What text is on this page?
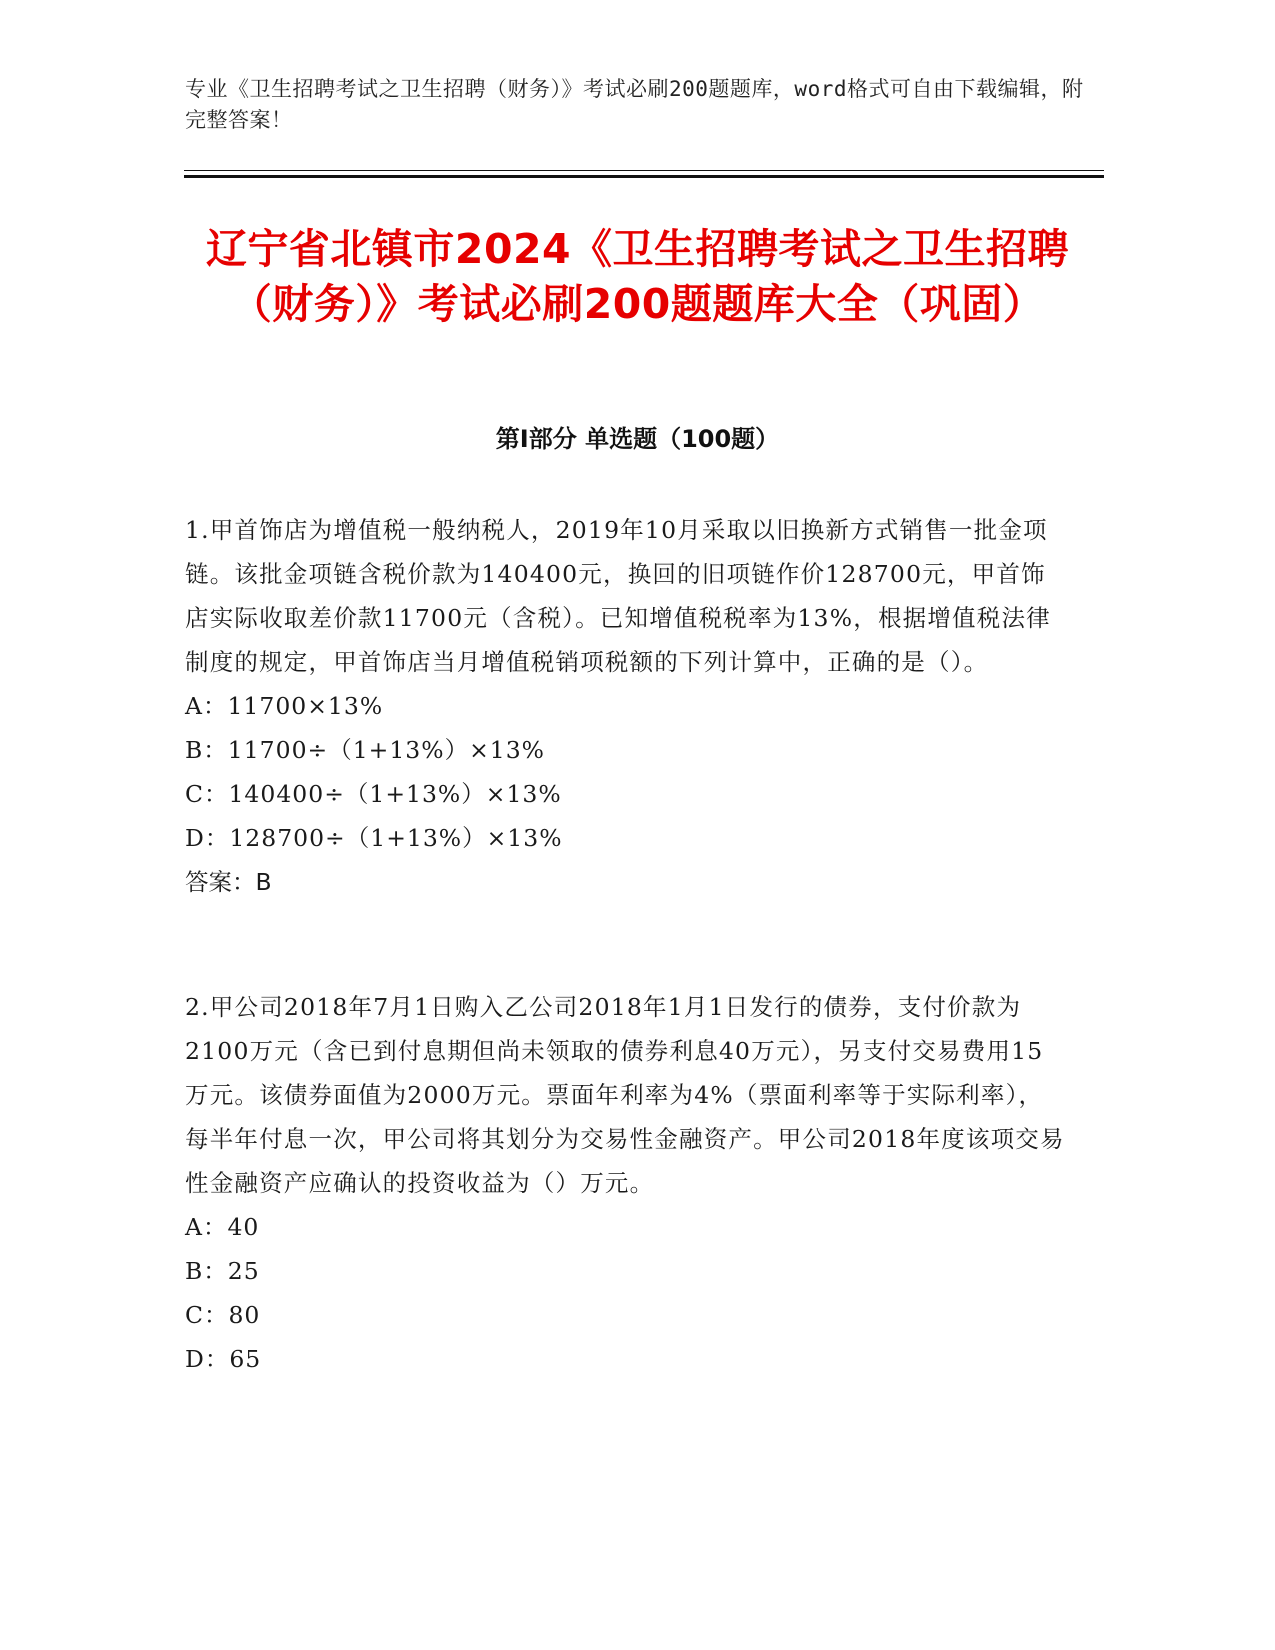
专业《卫生招聘考试之卫生招聘（财务）》考试必刷200题题库，word格式可自由下载编辑，附完整答案！
辽宁省北镇市2024《卫生招聘考试之卫生招聘（财务）》考试必刷200题题库大全（巩固）
第Ⅰ部分 单选题（100题）

1.甲首饰店为增值税一般纳税人，2019年10月采取以旧换新方式销售一批金项链。该批金项链含税价款为140400元，换回的旧项链作价128700元，甲首饰店实际收取差价款11700元（含税）。已知增值税税率为13%，根据增值税法律制度的规定，甲首饰店当月增值税销项税额的下列计算中，正确的是（）。

A：11700×13%

B：11700÷（1+13%）×13%

C：140400÷（1+13%）×13%

D：128700÷（1+13%）×13%

答案：B

2.甲公司2018年7月1日购入乙公司2018年1月1日发行的债券，支付价款为2100万元（含已到付息期但尚未领取的债券利息40万元），另支付交易费用15万元。该债券面值为2000万元。票面年利率为4%（票面利率等于实际利率），每半年付息一次，甲公司将其划分为交易性金融资产。甲公司2018年度该项交易性金融资产应确认的投资收益为（）万元。

A：40

B：25

C：80

D：65
